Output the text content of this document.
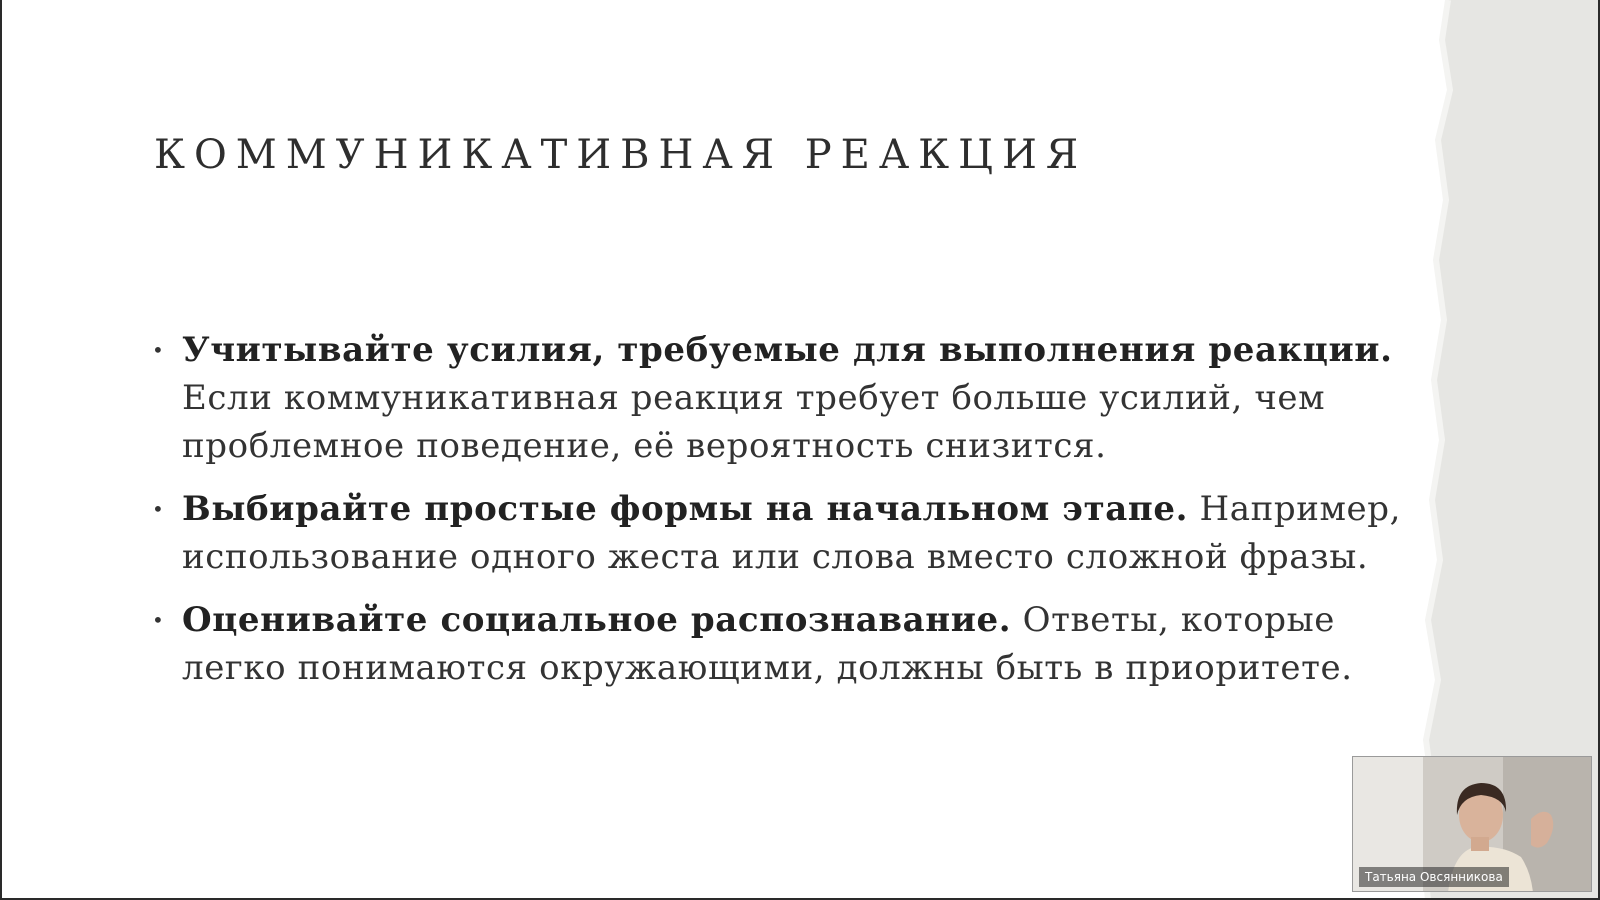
КОММУНИКАТИВНАЯ РЕАКЦИЯ
• Учитывайте усилия, требуемые для выполнения реакции. Если коммуникативная реакция требует больше усилий, чем проблемное поведение, её вероятность снизится.
• Выбирайте простые формы на начальном этапе. Например, использование одного жеста или слова вместо сложной фразы.
• Оценивайте социальное распознавание. Ответы, которые легко понимаются окружающими, должны быть в приоритете.
Татьяна Овсянникова
